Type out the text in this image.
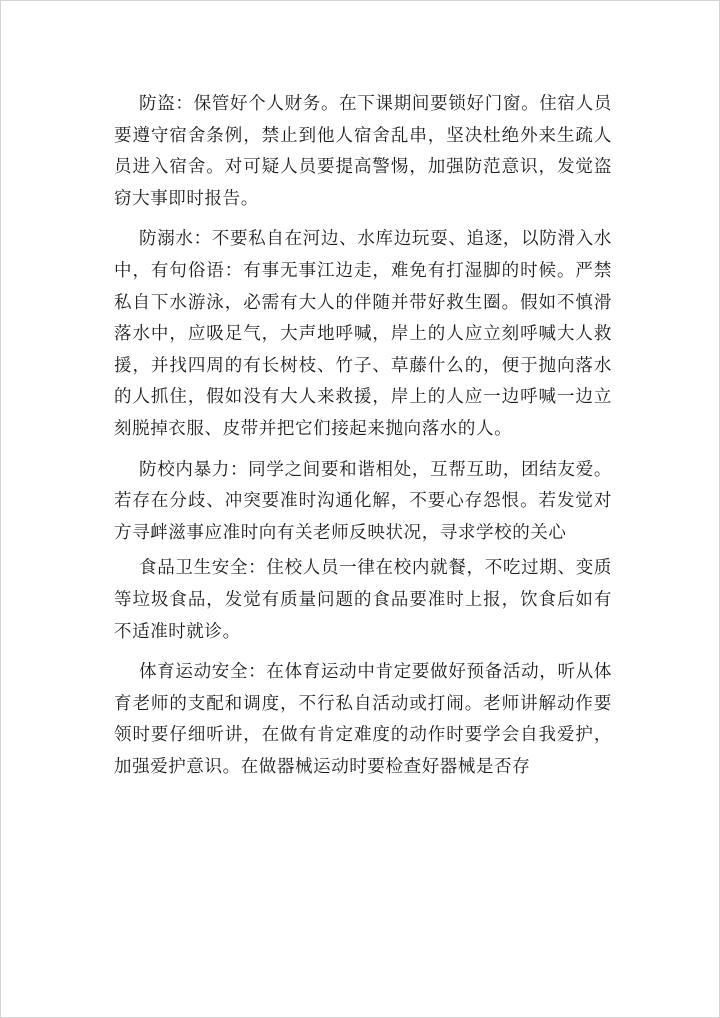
防盗：保管好个人财务。在下课期间要锁好门窗。住宿人员要遵守宿舍条例，禁止到他人宿舍乱串，坚决杜绝外来生疏人员进入宿舍。对可疑人员要提高警惕，加强防范意识，发觉盗窃大事即时报告。

防溺水：不要私自在河边、水库边玩耍、追逐，以防滑入水中，有句俗语：有事无事江边走，难免有打湿脚的时候。严禁私自下水游泳，必需有大人的伴随并带好救生圈。假如不慎滑落水中，应吸足气，大声地呼喊，岸上的人应立刻呼喊大人救援，并找四周的有长树枝、竹子、草藤什么的，便于抛向落水的人抓住，假如没有大人来救援，岸上的人应一边呼喊一边立刻脱掉衣服、皮带并把它们接起来抛向落水的人。

防校内暴力：同学之间要和谐相处，互帮互助，团结友爱。若存在分歧、冲突要准时沟通化解，不要心存怨恨。若发觉对方寻衅滋事应准时向有关老师反映状况，寻求学校的关心

食品卫生安全：住校人员一律在校内就餐，不吃过期、变质等垃圾食品，发觉有质量问题的食品要准时上报，饮食后如有不适准时就诊。

体育运动安全：在体育运动中肯定要做好预备活动，听从体育老师的支配和调度，不行私自活动或打闹。老师讲解动作要领时要仔细听讲，在做有肯定难度的动作时要学会自我爱护，加强爱护意识。在做器械运动时要检查好器械是否存
